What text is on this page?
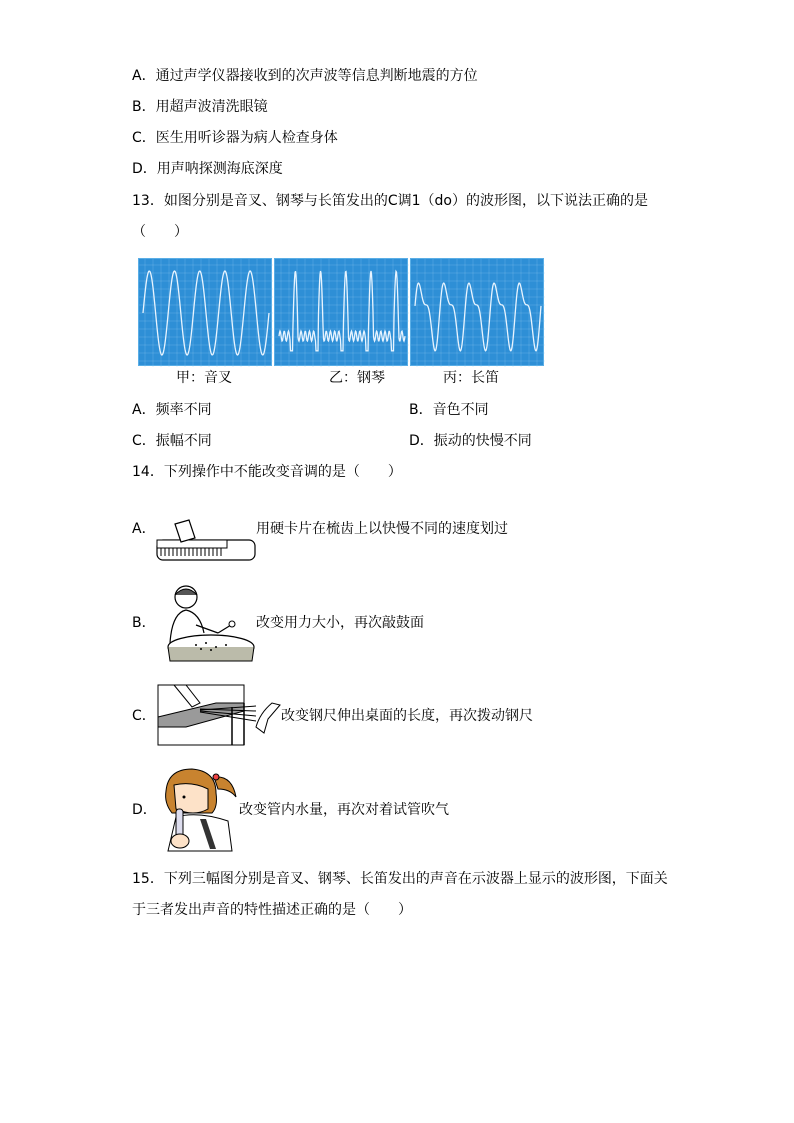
A．通过声学仪器接收到的次声波等信息判断地震的方位
B．用超声波清洗眼镜
C．医生用听诊器为病人检查身体
D．用声呐探测海底深度
13．如图分别是音叉、钢琴与长笛发出的C调1（do）的波形图，以下说法正确的是
（　　）
甲：音叉	乙：钢琴	丙：长笛
A．频率不同	B．音色不同
C．振幅不同	D．振动的快慢不同
14．下列操作中不能改变音调的是（　　）
A．	用硬卡片在梳齿上以快慢不同的速度划过
B．	改变用力大小，再次敲鼓面
C．	改变钢尺伸出桌面的长度，再次拨动钢尺
D．	改变管内水量，再次对着试管吹气
15．下列三幅图分别是音叉、钢琴、长笛发出的声音在示波器上显示的波形图，下面关
于三者发出声音的特性描述正确的是（　　）
